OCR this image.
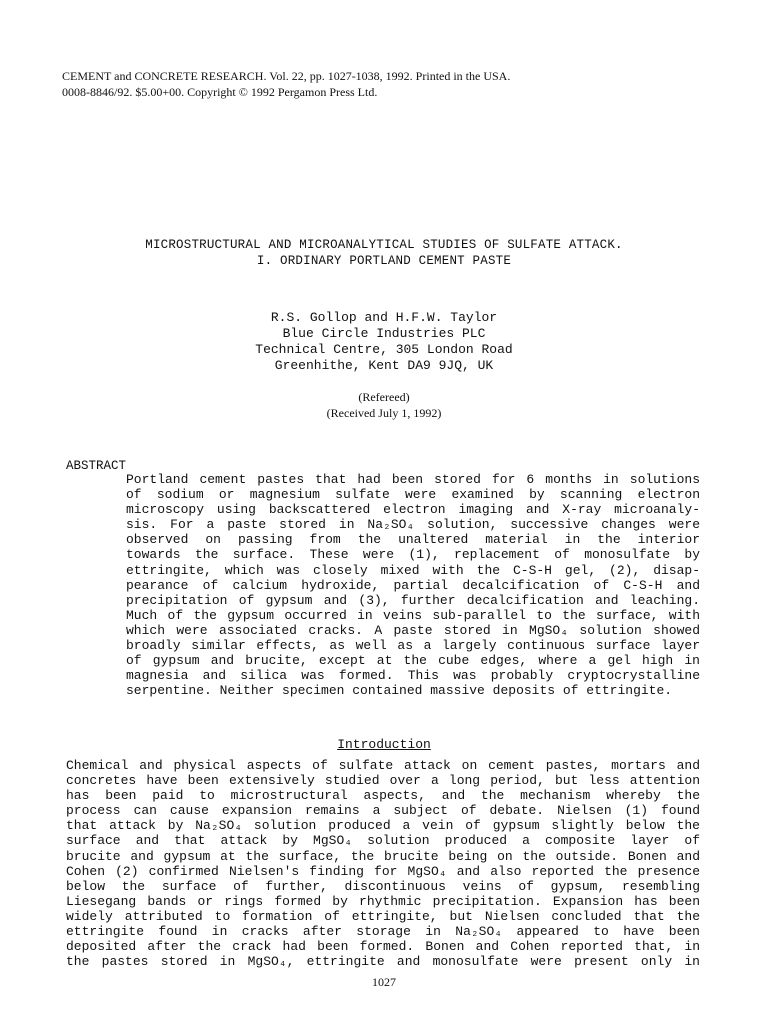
CEMENT and CONCRETE RESEARCH. Vol. 22, pp. 1027-1038, 1992. Printed in the USA.
0008-8846/92. $5.00+00. Copyright © 1992 Pergamon Press Ltd.
MICROSTRUCTURAL AND MICROANALYTICAL STUDIES OF SULFATE ATTACK.
I. ORDINARY PORTLAND CEMENT PASTE
R.S. Gollop and H.F.W. Taylor
Blue Circle Industries PLC
Technical Centre, 305 London Road
Greenhithe, Kent DA9 9JQ, UK
(Refereed)
(Received July 1, 1992)
ABSTRACT
Portland cement pastes that had been stored for 6 months in solutions
of sodium or magnesium sulfate were examined by scanning electron
microscopy using backscattered electron imaging and X-ray microanaly-
sis. For a paste stored in Na₂SO₄ solution, successive changes were
observed on passing from the unaltered material in the interior
towards the surface. These were (1), replacement of monosulfate by
ettringite, which was closely mixed with the C-S-H gel, (2), disap-
pearance of calcium hydroxide, partial decalcification of C-S-H and
precipitation of gypsum and (3), further decalcification and leaching.
Much of the gypsum occurred in veins sub-parallel to the surface, with
which were associated cracks. A paste stored in MgSO₄ solution showed
broadly similar effects, as well as a largely continuous surface layer
of gypsum and brucite, except at the cube edges, where a gel high in
magnesia and silica was formed. This was probably cryptocrystalline
serpentine. Neither specimen contained massive deposits of ettringite.
Introduction
Chemical and physical aspects of sulfate attack on cement pastes, mortars and
concretes have been extensively studied over a long period, but less attention
has been paid to microstructural aspects, and the mechanism whereby the
process can cause expansion remains a subject of debate. Nielsen (1) found
that attack by Na₂SO₄ solution produced a vein of gypsum slightly below the
surface and that attack by MgSO₄ solution produced a composite layer of
brucite and gypsum at the surface, the brucite being on the outside. Bonen and
Cohen (2) confirmed Nielsen's finding for MgSO₄ and also reported the presence
below the surface of further, discontinuous veins of gypsum, resembling
Liesegang bands or rings formed by rhythmic precipitation. Expansion has been
widely attributed to formation of ettringite, but Nielsen concluded that the
ettringite found in cracks after storage in Na₂SO₄ appeared to have been
deposited after the crack had been formed. Bonen and Cohen reported that, in
the pastes stored in MgSO₄, ettringite and monosulfate were present only in
1027
